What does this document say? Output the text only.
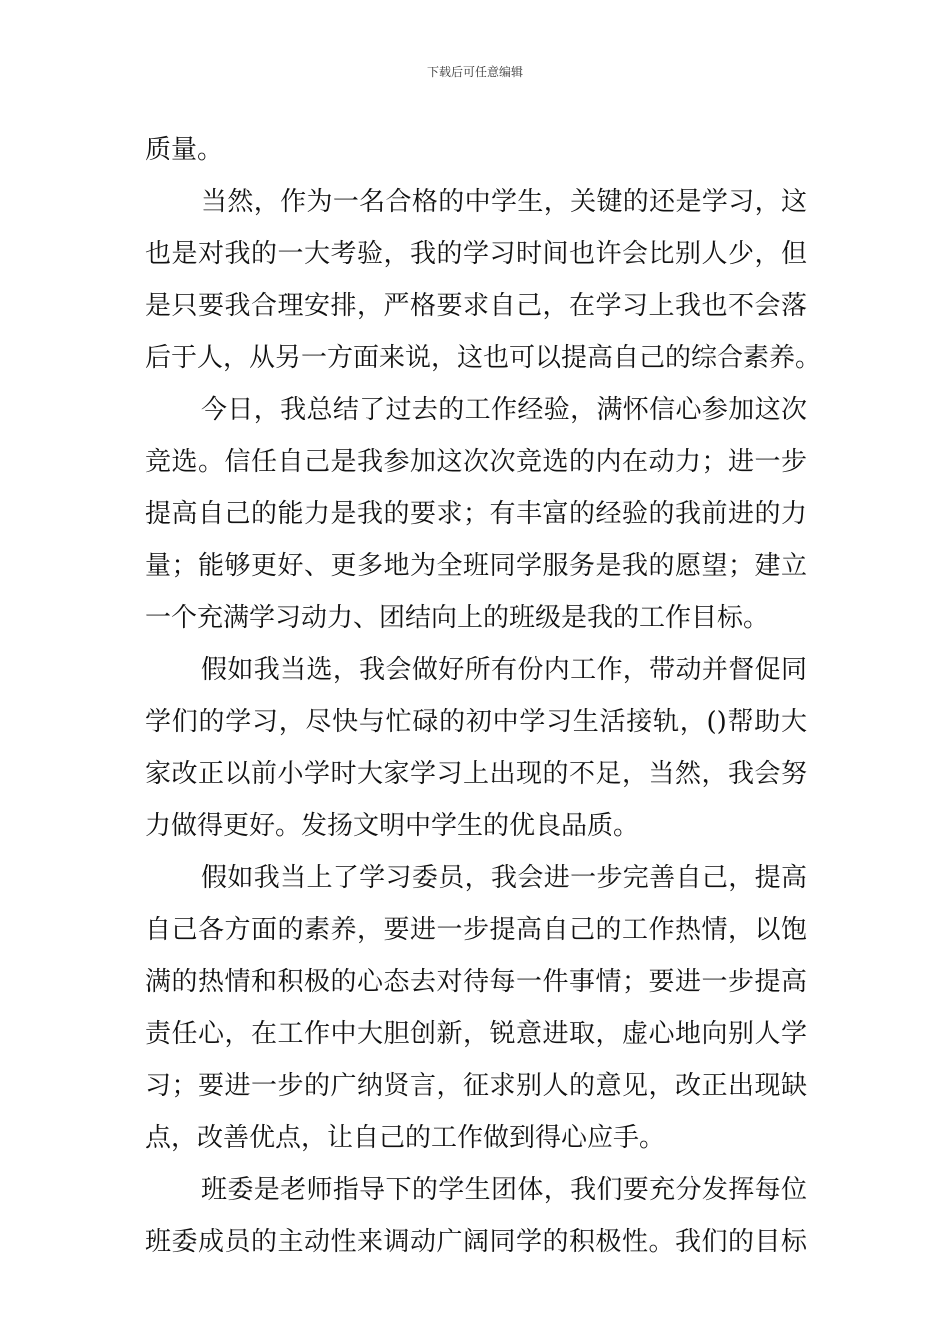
下载后可任意编辑
质量。
当然，作为一名合格的中学生，关键的还是学习，这
也是对我的一大考验，我的学习时间也许会比别人少，但
是只要我合理安排，严格要求自己，在学习上我也不会落
后于人，从另一方面来说，这也可以提高自己的综合素养。
今日，我总结了过去的工作经验，满怀信心参加这次
竞选。信任自己是我参加这次次竞选的内在动力；进一步
提高自己的能力是我的要求；有丰富的经验的我前进的力
量；能够更好、更多地为全班同学服务是我的愿望；建立
一个充满学习动力、团结向上的班级是我的工作目标。
假如我当选，我会做好所有份内工作，带动并督促同
学们的学习，尽快与忙碌的初中学习生活接轨，()帮助大
家改正以前小学时大家学习上出现的不足，当然，我会努
力做得更好。发扬文明中学生的优良品质。
假如我当上了学习委员，我会进一步完善自己，提高
自己各方面的素养，要进一步提高自己的工作热情，以饱
满的热情和积极的心态去对待每一件事情；要进一步提高
责任心，在工作中大胆创新，锐意进取，虚心地向别人学
习；要进一步的广纳贤言，征求别人的意见，改正出现缺
点，改善优点，让自己的工作做到得心应手。
班委是老师指导下的学生团体，我们要充分发挥每位
班委成员的主动性来调动广阔同学的积极性。我们的目标
